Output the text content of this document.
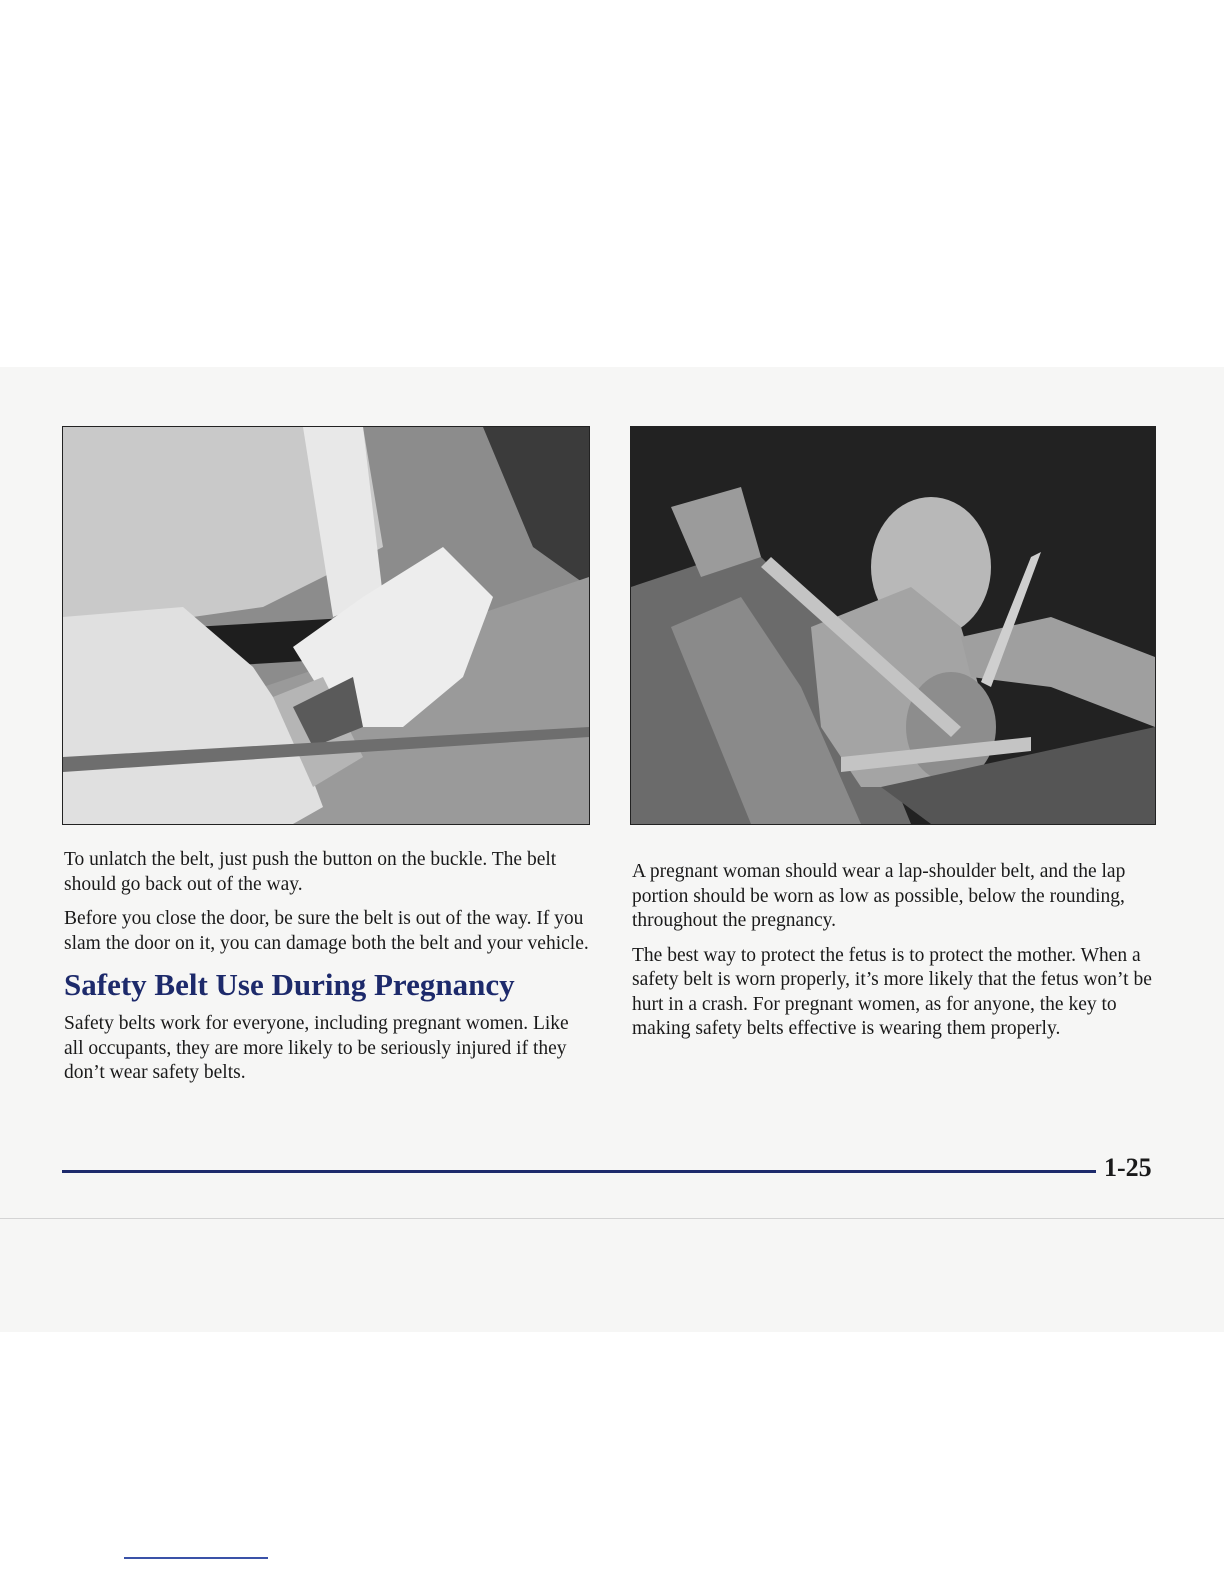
To unlatch the belt, just push the button on the buckle. The belt should go back out of the way.

Before you close the door, be sure the belt is out of the way. If you slam the door on it, you can damage both the belt and your vehicle.

Safety Belt Use During Pregnancy

Safety belts work for everyone, including pregnant women. Like all occupants, they are more likely to be seriously injured if they don’t wear safety belts.

A pregnant woman should wear a lap-shoulder belt, and the lap portion should be worn as low as possible, below the rounding, throughout the pregnancy.

The best way to protect the fetus is to protect the mother. When a safety belt is worn properly, it’s more likely that the fetus won’t be hurt in a crash. For pregnant women, as for anyone, the key to making safety belts effective is wearing them properly.

1-25
